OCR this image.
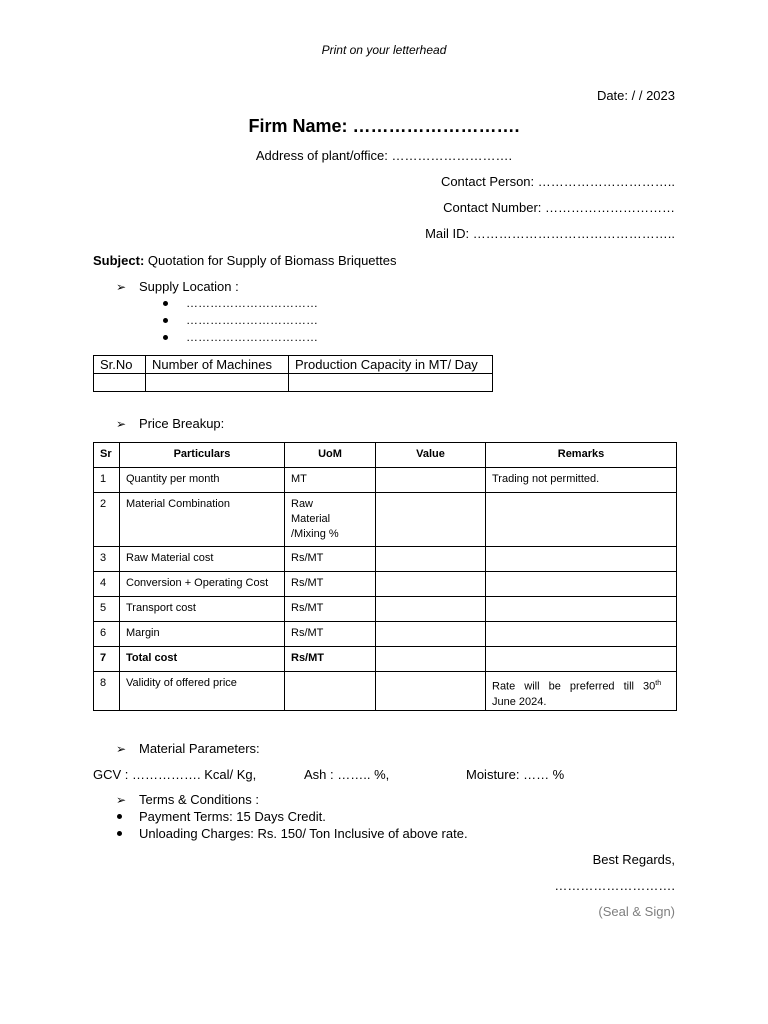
Print on your letterhead
Date: / / 2023
Firm Name: ……………………….
Address of plant/office: ……………………….
Contact Person: …………………………..
Contact Number: …………………………
Mail ID: ………………………………………..
Subject: Quotation for Supply of Biomass Briquettes
➢ Supply Location :
……………………………
……………………………
……………………………
Sr.No	Number of Machines	Production Capacity in MT/ Day

➢ Price Breakup:
Sr	Particulars	UoM	Value	Remarks
1	Quantity per month	MT		Trading not permitted.
2	Material Combination	Raw Material /Mixing %		

3	Raw Material cost	Rs/MT		
4	Conversion + Operating Cost	Rs/MT		
5	Transport cost	Rs/MT		
6	Margin	Rs/MT		
7	Total cost	Rs/MT		
8	Validity of offered price			Rate will be preferred till 30th
June 2024.
➢ Material Parameters:
GCV : ……………. Kcal/ Kg,	Ash : …….. %,	Moisture: …… %
➢ Terms & Conditions :
Payment Terms: 15 Days Credit.
Unloading Charges: Rs. 150/ Ton Inclusive of above rate.
Best Regards,
……………………….
(Seal & Sign)
